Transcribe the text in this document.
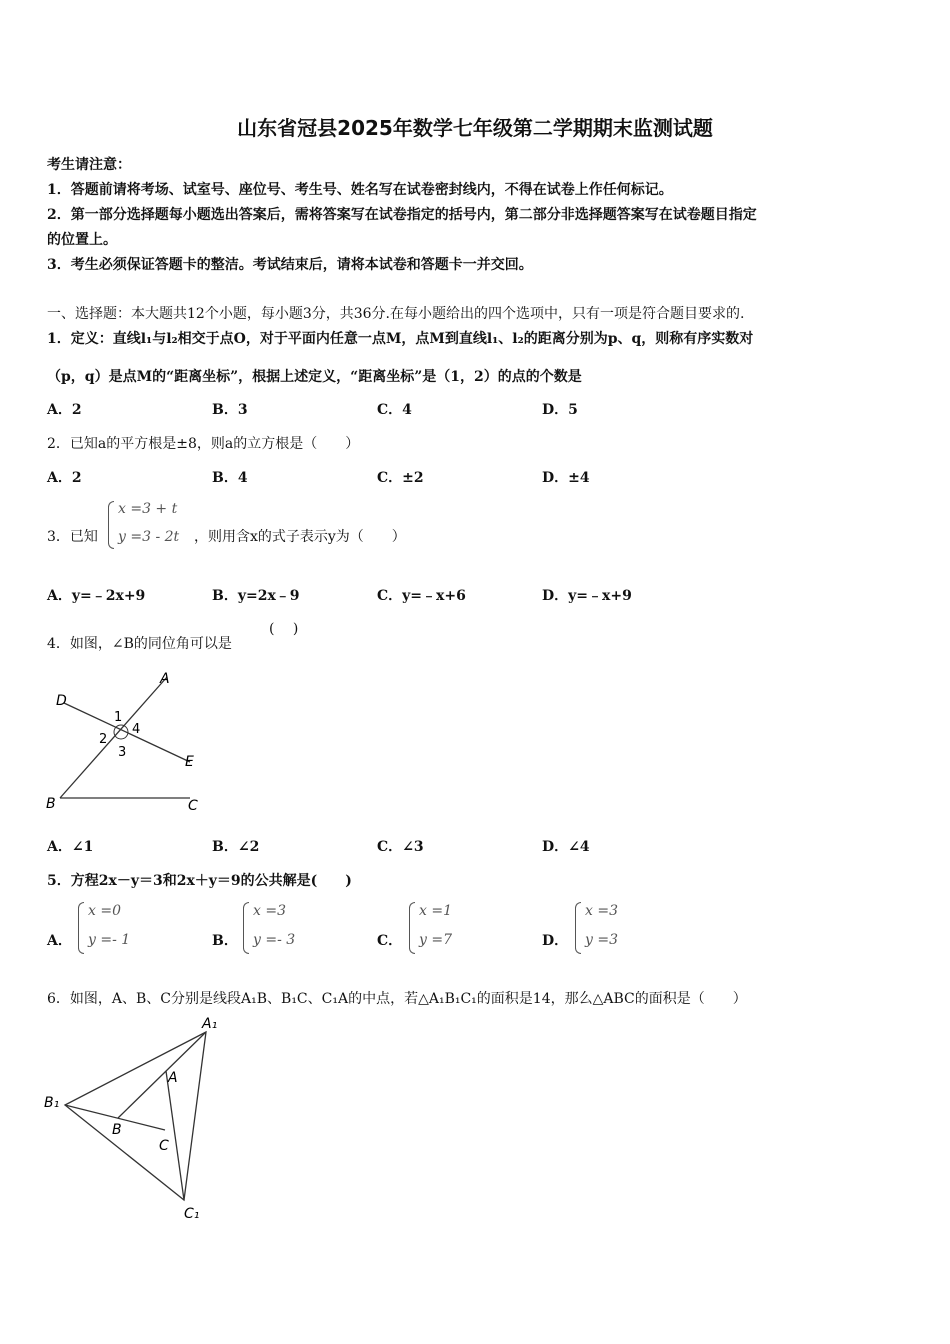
山东省冠县2025年数学七年级第二学期期末监测试题
考生请注意：
1．答题前请将考场、试室号、座位号、考生号、姓名写在试卷密封线内，不得在试卷上作任何标记。
2．第一部分选择题每小题选出答案后，需将答案写在试卷指定的括号内，第二部分非选择题答案写在试卷题目指定
的位置上。
3．考生必须保证答题卡的整洁。考试结束后，请将本试卷和答题卡一并交回。
一、选择题：本大题共12个小题，每小题3分，共36分.在每小题给出的四个选项中，只有一项是符合题目要求的.
1．定义：直线l₁与l₂相交于点O，对于平面内任意一点M，点M到直线l₁、l₂的距离分别为p、q，则称有序实数对
（p，q）是点M的“距离坐标”，根据上述定义，“距离坐标”是（1，2）的点的个数是
A．2	B．3	C．4	D．5
2．已知a的平方根是±8，则a的立方根是（　　）
A．2	B．4	C．±2	D．±4
3．已知
x =3 + t
y =3 - 2t ，则用含x的式子表示y为（　　）
A．y=﹣2x+9	B．y=2x﹣9	C．y=﹣x+6	D．y=﹣x+9
4．如图，∠B的同位角可以是
(　 )
A
D
1
4
2
3
E
B	C
A．∠1	B．∠2	C．∠3	D．∠4
5．方程2x－y＝3和2x＋y＝9的公共解是(　　)
A．
x =0
y =- 1	B．
x =3
y =- 3	C．
x =1
y =7	D．
x =3
y =3
6．如图，A、B、C分别是线段A₁B、B₁C、C₁A的中点，若△A₁B₁C₁的面积是14，那么△ABC的面积是（　　）
A₁
A
B₁
B
C
C₁
